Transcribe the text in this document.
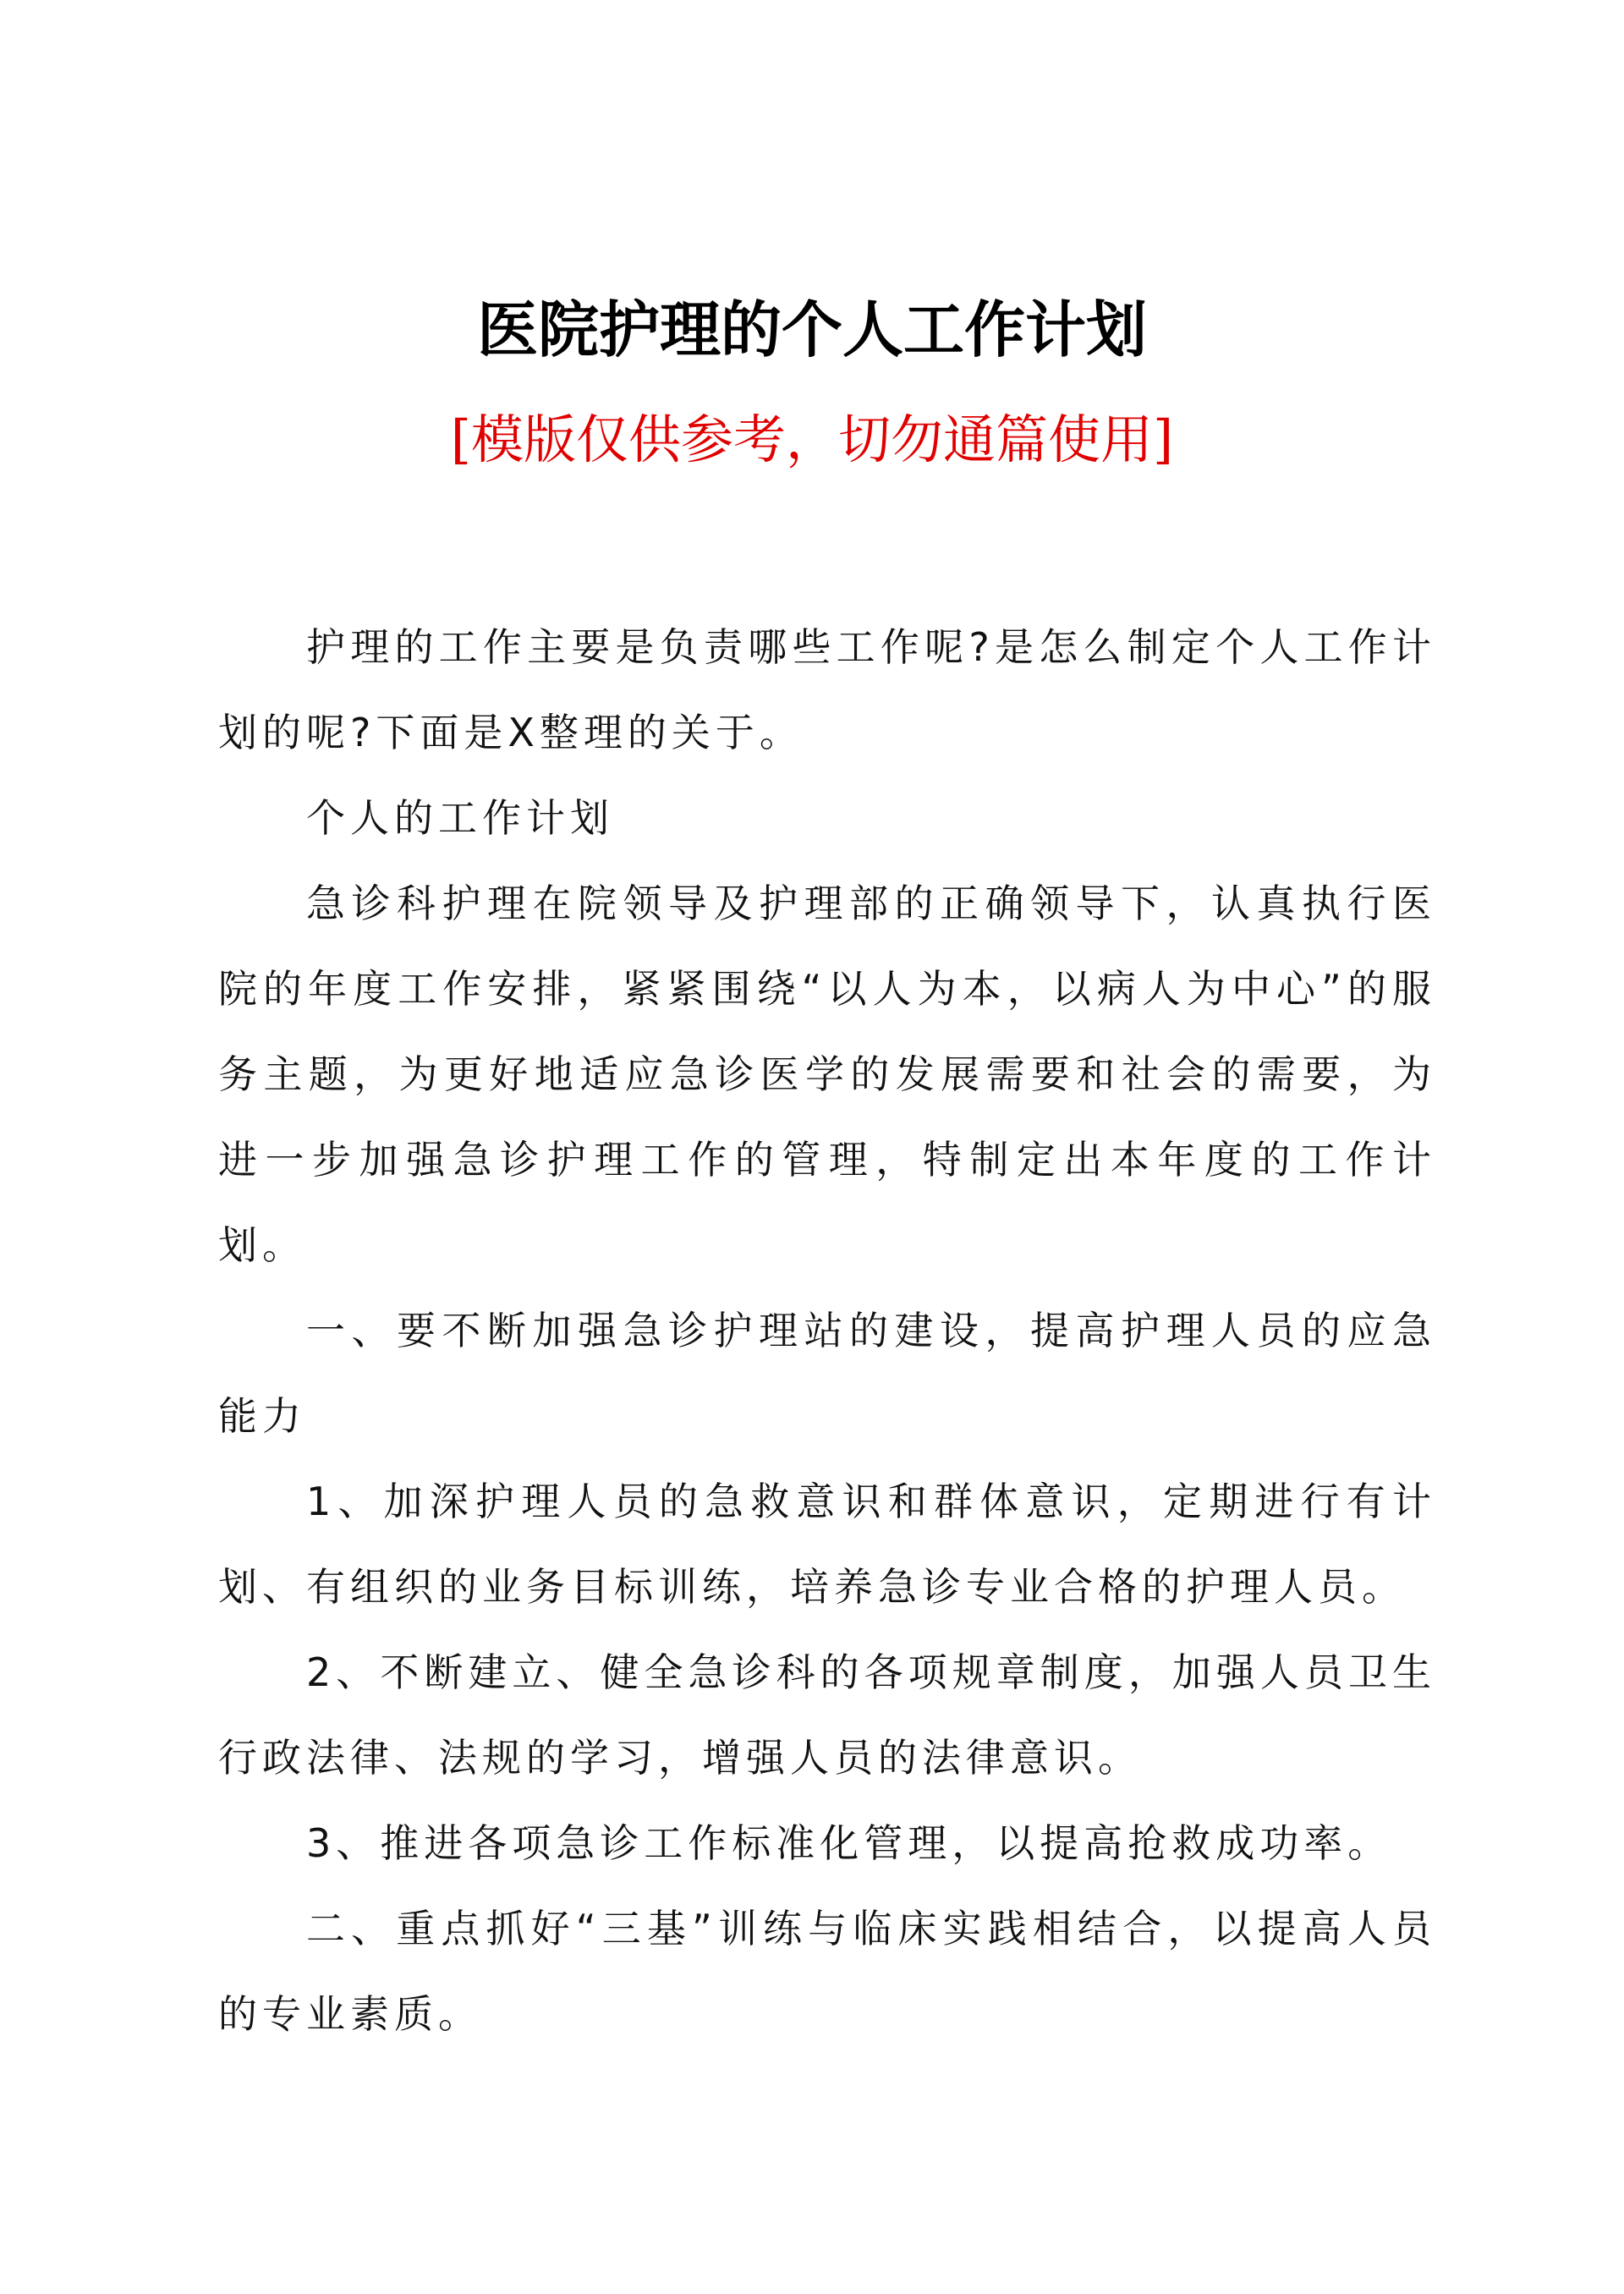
医院护理的个人工作计划
[模版仅供参考，切勿通篇使用]

护理的工作主要是负责哪些工作呢?是怎么制定个人工作计划的呢?下面是X整理的关于。

个人的工作计划

急诊科护理在院领导及护理部的正确领导下，认真执行医院的年度工作安排，紧紧围绕“以人为本，以病人为中心”的服务主题，为更好地适应急诊医学的发展需要和社会的需要，为进一步加强急诊护理工作的管理，特制定出本年度的工作计划。

一、要不断加强急诊护理站的建设，提高护理人员的应急能力

1、加深护理人员的急救意识和群体意识，定期进行有计划、有组织的业务目标训练，培养急诊专业合格的护理人员。

2、不断建立、健全急诊科的各项规章制度，加强人员卫生行政法律、法规的学习，增强人员的法律意识。

3、推进各项急诊工作标准化管理，以提高抢救成功率。

二、重点抓好“三基”训练与临床实践相结合，以提高人员的专业素质。
